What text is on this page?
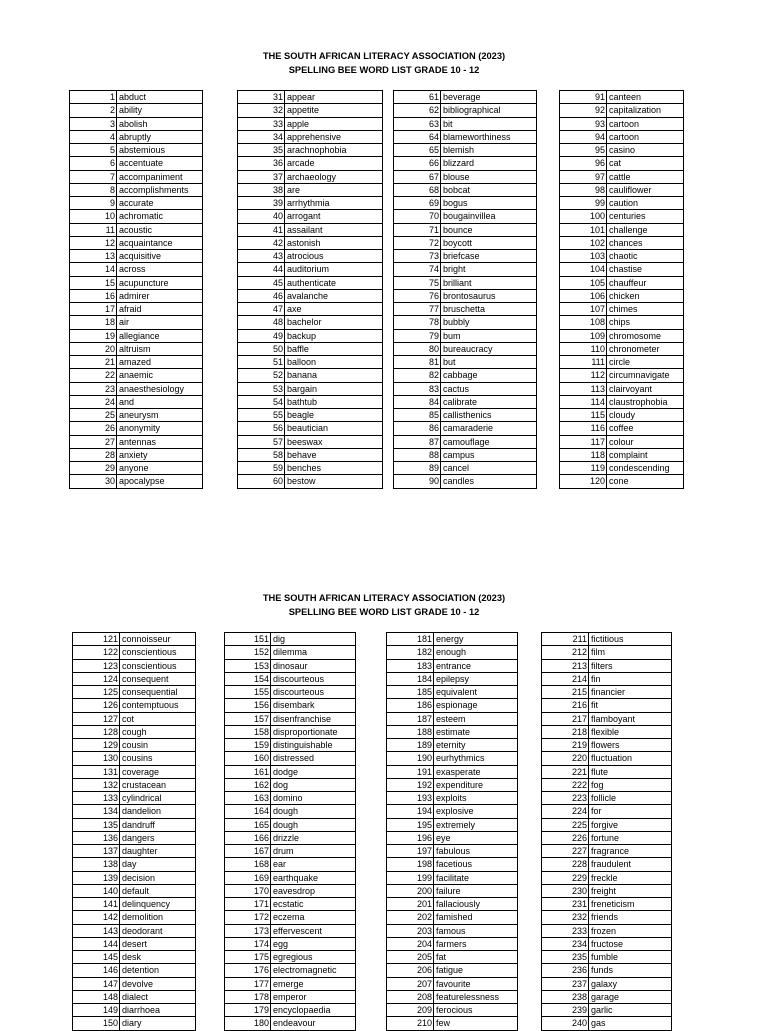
THE SOUTH AFRICAN LITERACY ASSOCIATION (2023)
SPELLING BEE WORD LIST GRADE 10 - 12
THE SOUTH AFRICAN LITERACY ASSOCIATION (2023)
SPELLING BEE WORD LIST GRADE 10 - 12
1	abduct
2	ability
3	abolish
4	abruptly
5	abstemious
6	accentuate
7	accompaniment
8	accomplishments
9	accurate
10	achromatic
11	acoustic
12	acquaintance
13	acquisitive
14	across
15	acupuncture
16	admirer
17	afraid
18	air
19	allegiance
20	altruism
21	amazed
22	anaemic
23	anaesthesiology
24	and
25	aneurysm
26	anonymity
27	antennas
28	anxiety
29	anyone
30	apocalypse
31	appear
32	appetite
33	apple
34	apprehensive
35	arachnophobia
36	arcade
37	archaeology
38	are
39	arrhythmia
40	arrogant
41	assailant
42	astonish
43	atrocious
44	auditorium
45	authenticate
46	avalanche
47	axe
48	bachelor
49	backup
50	baffle
51	balloon
52	banana
53	bargain
54	bathtub
55	beagle
56	beautician
57	beeswax
58	behave
59	benches
60	bestow
61	beverage
62	bibliographical
63	bit
64	blameworthiness
65	blemish
66	blizzard
67	blouse
68	bobcat
69	bogus
70	bougainvillea
71	bounce
72	boycott
73	briefcase
74	bright
75	brilliant
76	brontosaurus
77	bruschetta
78	bubbly
79	bum
80	bureaucracy
81	but
82	cabbage
83	cactus
84	calibrate
85	callisthenics
86	camaraderie
87	camouflage
88	campus
89	cancel
90	candles
91	canteen
92	capitalization
93	cartoon
94	cartoon
95	casino
96	cat
97	cattle
98	cauliflower
99	caution
100	centuries
101	challenge
102	chances
103	chaotic
104	chastise
105	chauffeur
106	chicken
107	chimes
108	chips
109	chromosome
110	chronometer
111	circle
112	circumnavigate
113	clairvoyant
114	claustrophobia
115	cloudy
116	coffee
117	colour
118	complaint
119	condescending
120	cone
121	connoisseur
122	conscientious
123	conscientious
124	consequent
125	consequential
126	contemptuous
127	cot
128	cough
129	cousin
130	cousins
131	coverage
132	crustacean
133	cylindrical
134	dandelion
135	dandruff
136	dangers
137	daughter
138	day
139	decision
140	default
141	delinquency
142	demolition
143	deodorant
144	desert
145	desk
146	detention
147	devolve
148	dialect
149	diarrhoea
150	diary
151	dig
152	dilemma
153	dinosaur
154	discourteous
155	discourteous
156	disembark
157	disenfranchise
158	disproportionate
159	distinguishable
160	distressed
161	dodge
162	dog
163	domino
164	dough
165	dough
166	drizzle
167	drum
168	ear
169	earthquake
170	eavesdrop
171	ecstatic
172	eczema
173	effervescent
174	egg
175	egregious
176	electromagnetic
177	emerge
178	emperor
179	encyclopaedia
180	endeavour
181	energy
182	enough
183	entrance
184	epilepsy
185	equivalent
186	espionage
187	esteem
188	estimate
189	eternity
190	eurhythmics
191	exasperate
192	expenditure
193	exploits
194	explosive
195	extremely
196	eye
197	fabulous
198	facetious
199	facilitate
200	failure
201	fallaciously
202	famished
203	famous
204	farmers
205	fat
206	fatigue
207	favourite
208	featurelessness
209	ferocious
210	few
211	fictitious
212	film
213	filters
214	fin
215	financier
216	fit
217	flamboyant
218	flexible
219	flowers
220	fluctuation
221	flute
222	fog
223	follicle
224	for
225	forgive
226	fortune
227	fragrance
228	fraudulent
229	freckle
230	freight
231	freneticism
232	friends
233	frozen
234	fructose
235	fumble
236	funds
237	galaxy
238	garage
239	garlic
240	gas
